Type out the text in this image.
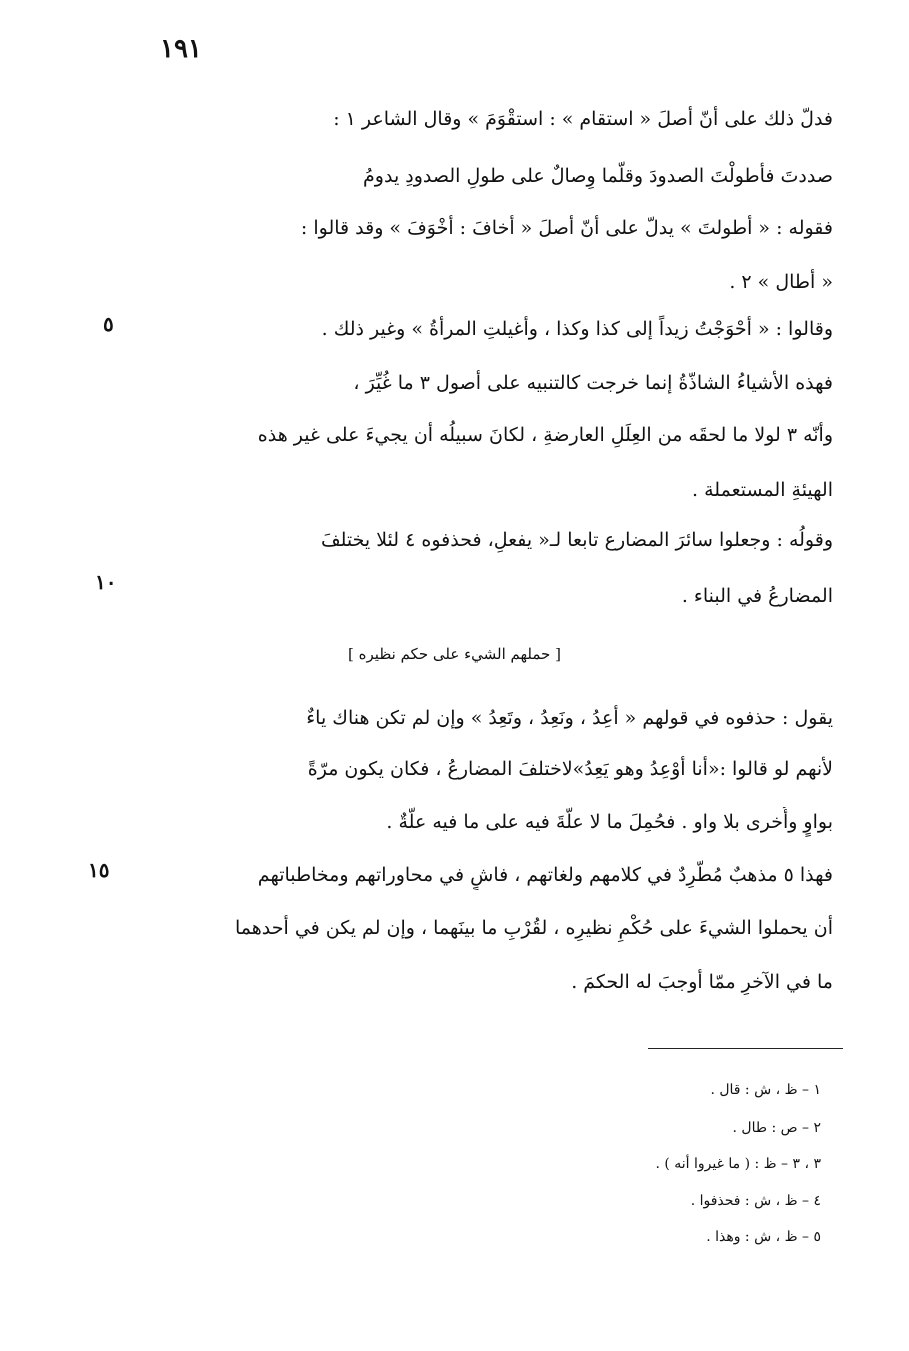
١٩١
فدلّ ذلك على أنّ أصلَ « استقام » : استقْوَمَ » وقال الشاعر ١ :
صددتَ فأطولْتَ الصدودَ وقلّما وِصالٌ على طولِ الصدودِ يدومُ
فقوله : « أطولتَ » يدلّ على أنّ أصلَ « أخافَ : أخْوَفَ » وقد قالوا :
« أطال » ٢ .
وقالوا : « أحْوَجْتُ زيداً إلى كذا وكذا ، وأغيلتِ المرأةُ » وغير ذلك .
فهذه الأشياءُ الشاذّةُ إنما خرجت كالتنبيه على أصول ٣ ما غُيِّرَ ،
وأنّه ٣ لولا ما لحقَه من العِلَلِ العارضةِ ، لكانَ سبيلُه أن يجيءَ على غير هذه
الهيئةِ المستعملة .
وقولُه : وجعلوا سائرَ المضارع تابعا لـ« يفعلِ، فحذفوه ٤ لئلا يختلفَ
المضارعُ في البناء .
[ حملهم الشيء على حكم نظيره ]
يقول : حذفوه في قولهم « أعِدُ ، ونَعِدُ ، وتَعِدُ » وإن لم تكن هناك ياءٌ
لأنهم لو قالوا :«أنا أوْعِدُ وهو يَعِدُ»لاختلفَ المضارعُ ، فكان يكون مرّةً
بواوٍ وأُخرى بلا واو . فحُمِلَ ما لا علّةَ فيه على ما فيه علّةٌ .
فهذا ٥ مذهبٌ مُطّرِدٌ في كلامهم ولغاتهم ، فاشٍ في محاوراتهم ومخاطباتهم
أن يحملوا الشيءَ على حُكْمِ نظيرِه ، لقُرْبِ ما بينَهما ، وإن لم يكن في أحدهما
ما في الآخرِ ممّا أوجبَ له الحكمَ .
٥
١٠
١٥
١ – ظ ، ش : قال .
٢ – ص : طال .
٣ ، ٣ – ظ : ( ما غيروا أنه ) .
٤ – ظ ، ش : فحذفوا .
٥ – ظ ، ش : وهذا .
